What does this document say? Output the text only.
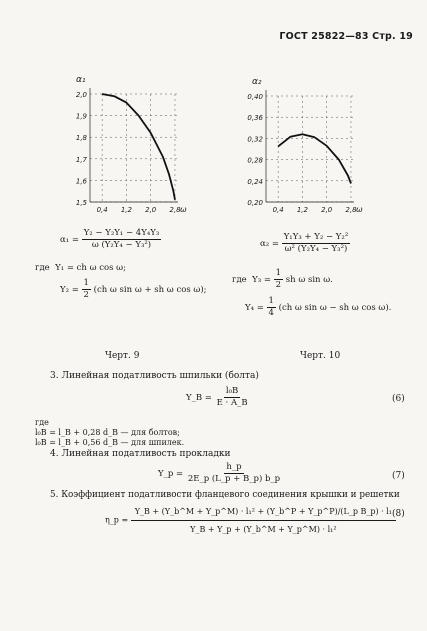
ГОСТ 25822—83 Стр. 19
2,0
1,9
1,8
1,7
1,6
1,5
0,4 1,2 2,0 2,8
α₁
ω
0,40
0,36
0,32
0,28
0,24
0,20
0,4 1,2 2,0 2,8
α₂
ω
$\alpha_1 = \frac{\text{Y₂ − Y₂Y₁ − 4Y₄Y₃}}{\text{ω (Y₂Y₄ − Y₃²)}}$
где Y₁ = ch ω cos ω;
$Y_2 = \frac{1}{2} (ch$ ω sin ω + sh ω cos ω);
$\alpha_2 = \frac{\text{Y₁Y₃ + Y₂ − Y₂²}}{\text{ω² (Y₂Y₄ − Y₃²)}}$
где $Y_3 = \frac{1}{2}$ sh ω sin ω.
$Y_4 = \frac{1}{4} (ch$ ω sin ω − sh ω cos ω).
Черт. 9	Черт. 10
3. Линейная податливость шпильки (болта)
Y_B = $\frac{\text{l₀B}}{E \cdot A\_B}$	(6)
где
l₀B = l_B + 0,28 d_B — для болтов;
l₀B = l_B + 0,56 d_B — для шпилек.
4. Линейная податливость прокладки
Y_p = $\frac{h\_p}{2E\_p (L\_p + B\_p) b\_p}$	(7)
5. Коэффициент податливости фланцевого соединения крышки и решетки
η_p = $\frac{\text{Y\_B + (Y\_b\textasciicircum{}M + Y\_p\textasciicircum{}M) · l₁² + (Y\_b\textasciicircum{}P + Y\_p\textasciicircum{}P)/(L\_p B\_p) · l₁}}{\text{Y\_B + Y\_p + (Y\_b\textasciicircum{}M + Y\_p\textasciicircum{}M) · l₁²}}$
(8)
